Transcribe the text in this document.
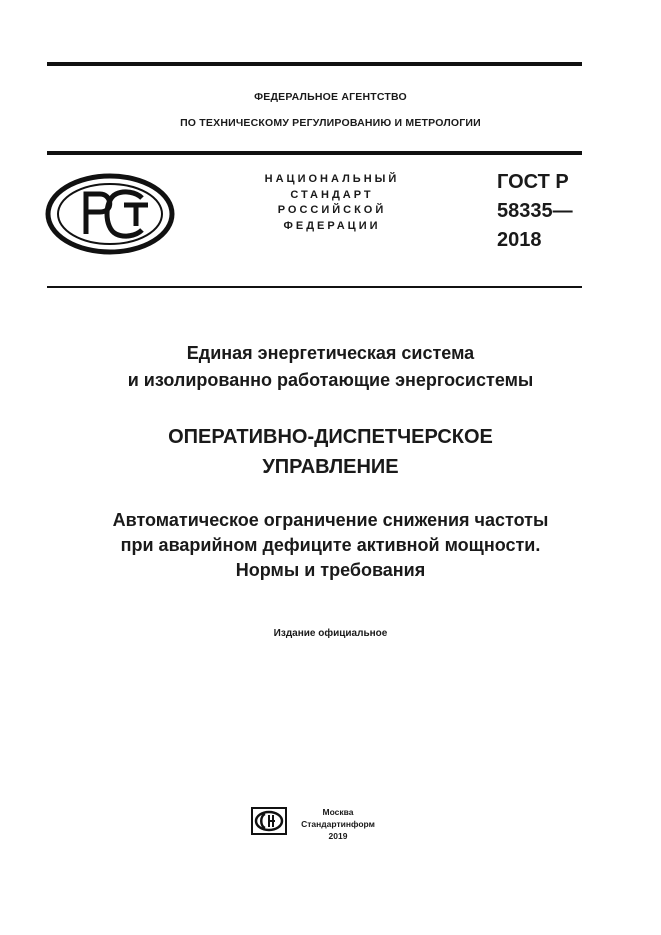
ФЕДЕРАЛЬНОЕ АГЕНТСТВО
ПО ТЕХНИЧЕСКОМУ РЕГУЛИРОВАНИЮ И МЕТРОЛОГИИ
НАЦИОНАЛЬНЫЙ
СТАНДАРТ
РОССИЙСКОЙ
ФЕДЕРАЦИИ
ГОСТ Р
58335—
2018
Единая энергетическая система
и изолированно работающие энергосистемы
ОПЕРАТИВНО-ДИСПЕТЧЕРСКОЕ
УПРАВЛЕНИЕ
Автоматическое ограничение снижения частоты
при аварийном дефиците активной мощности.
Нормы и требования
Издание официальное
Москва
Стандартинформ
2019
